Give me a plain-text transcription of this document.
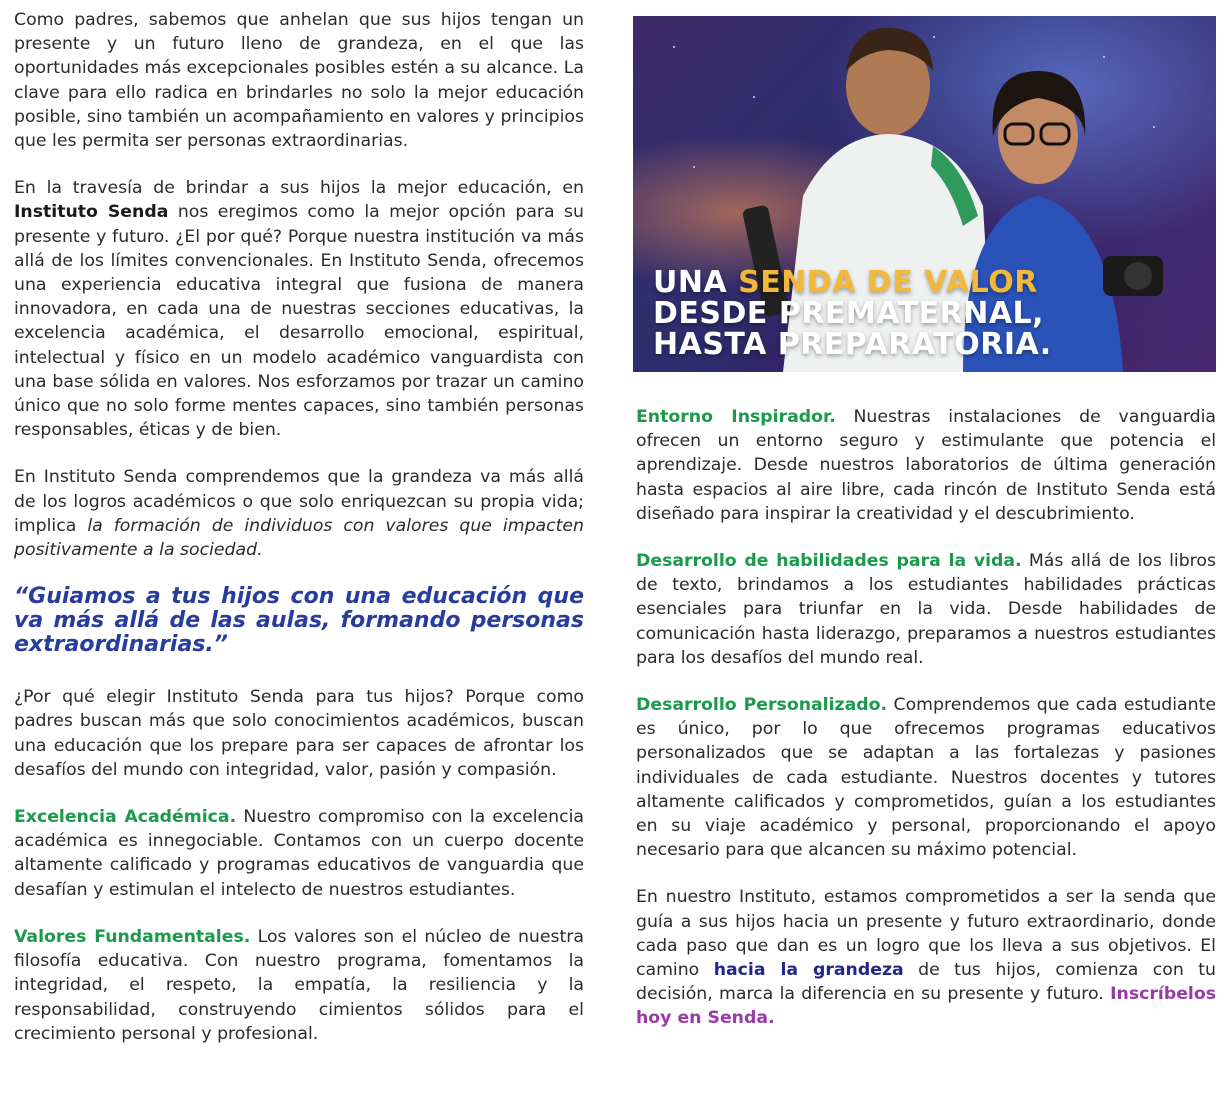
Como padres, sabemos que anhelan que sus hijos tengan un presente y un futuro lleno de grandeza, en el que las oportunidades más excepcionales posibles estén a su alcance. La clave para ello radica en brindarles no solo la mejor educación posible, sino también un acompañamiento en valores y principios que les permita ser personas extraordinarias.

En la travesía de brindar a sus hijos la mejor educación, en Instituto Senda nos eregimos como la mejor opción para su presente y futuro. ¿El por qué? Porque nuestra institución va más allá de los límites convencionales. En Instituto Senda, ofrecemos una experiencia educativa integral que fusiona de manera innovadora, en cada una de nuestras secciones educativas, la excelencia académica, el desarrollo emocional, espiritual, intelectual y físico en un modelo académico vanguardista con una base sólida en valores. Nos esforzamos por trazar un camino único que no solo forme mentes capaces, sino también personas responsables, éticas y de bien.

En Instituto Senda comprendemos que la grandeza va más allá de los logros académicos o que solo enriquezcan su propia vida; implica la formación de individuos con valores que impacten positivamente a la sociedad.

“Guiamos a tus hijos con una educación que va más allá de las aulas, formando personas extraordinarias.”

¿Por qué elegir Instituto Senda para tus hijos? Porque como padres buscan más que solo conocimientos académicos, buscan una educación que los prepare para ser capaces de afrontar los desafíos del mundo con integridad, valor, pasión y compasión.

Excelencia Académica. Nuestro compromiso con la excelencia académica es innegociable. Contamos con un cuerpo docente altamente calificado y programas educativos de vanguardia que desafían y estimulan el intelecto de nuestros estudiantes.

Valores Fundamentales. Los valores son el núcleo de nuestra filosofía educativa. Con nuestro programa, fomentamos la integridad, el respeto, la empatía, la resiliencia y la responsabilidad, construyendo cimientos sólidos para el crecimiento personal y profesional.

UNA SENDA DE VALOR
DESDE PREMATERNAL,
HASTA PREPARATORIA.

Entorno Inspirador. Nuestras instalaciones de vanguardia ofrecen un entorno seguro y estimulante que potencia el aprendizaje. Desde nuestros laboratorios de última generación hasta espacios al aire libre, cada rincón de Instituto Senda está diseñado para inspirar la creatividad y el descubrimiento.

Desarrollo de habilidades para la vida. Más allá de los libros de texto, brindamos a los estudiantes habilidades prácticas esenciales para triunfar en la vida. Desde habilidades de comunicación hasta liderazgo, preparamos a nuestros estudiantes para los desafíos del mundo real.

Desarrollo Personalizado. Comprendemos que cada estudiante es único, por lo que ofrecemos programas educativos personalizados que se adaptan a las fortalezas y pasiones individuales de cada estudiante. Nuestros docentes y tutores altamente calificados y comprometidos, guían a los estudiantes en su viaje académico y personal, proporcionando el apoyo necesario para que alcancen su máximo potencial.

En nuestro Instituto, estamos comprometidos a ser la senda que guía a sus hijos hacia un presente y futuro extraordinario, donde cada paso que dan es un logro que los lleva a sus objetivos. El camino hacia la grandeza de tus hijos, comienza con tu decisión, marca la diferencia en su presente y futuro. Inscríbelos hoy en Senda.
